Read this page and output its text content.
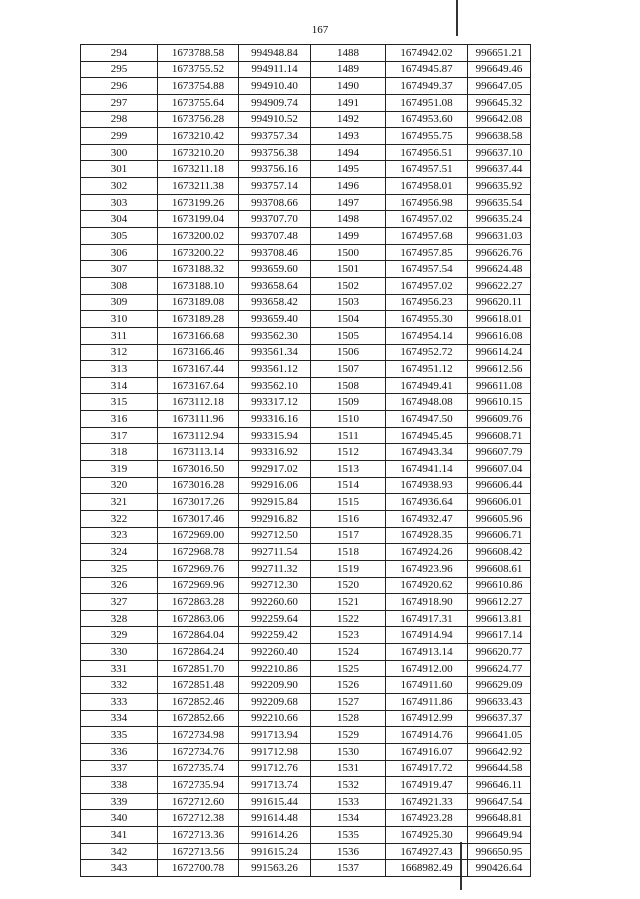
167
294	1673788.58	994948.84	1488	1674942.02	996651.21
295	1673755.52	994911.14	1489	1674945.87	996649.46
296	1673754.88	994910.40	1490	1674949.37	996647.05
297	1673755.64	994909.74	1491	1674951.08	996645.32
298	1673756.28	994910.52	1492	1674953.60	996642.08
299	1673210.42	993757.34	1493	1674955.75	996638.58
300	1673210.20	993756.38	1494	1674956.51	996637.10
301	1673211.18	993756.16	1495	1674957.51	996637.44
302	1673211.38	993757.14	1496	1674958.01	996635.92
303	1673199.26	993708.66	1497	1674956.98	996635.54
304	1673199.04	993707.70	1498	1674957.02	996635.24
305	1673200.02	993707.48	1499	1674957.68	996631.03
306	1673200.22	993708.46	1500	1674957.85	996626.76
307	1673188.32	993659.60	1501	1674957.54	996624.48
308	1673188.10	993658.64	1502	1674957.02	996622.27
309	1673189.08	993658.42	1503	1674956.23	996620.11
310	1673189.28	993659.40	1504	1674955.30	996618.01
311	1673166.68	993562.30	1505	1674954.14	996616.08
312	1673166.46	993561.34	1506	1674952.72	996614.24
313	1673167.44	993561.12	1507	1674951.12	996612.56
314	1673167.64	993562.10	1508	1674949.41	996611.08
315	1673112.18	993317.12	1509	1674948.08	996610.15
316	1673111.96	993316.16	1510	1674947.50	996609.76
317	1673112.94	993315.94	1511	1674945.45	996608.71
318	1673113.14	993316.92	1512	1674943.34	996607.79
319	1673016.50	992917.02	1513	1674941.14	996607.04
320	1673016.28	992916.06	1514	1674938.93	996606.44
321	1673017.26	992915.84	1515	1674936.64	996606.01
322	1673017.46	992916.82	1516	1674932.47	996605.96
323	1672969.00	992712.50	1517	1674928.35	996606.71
324	1672968.78	992711.54	1518	1674924.26	996608.42
325	1672969.76	992711.32	1519	1674923.96	996608.61
326	1672969.96	992712.30	1520	1674920.62	996610.86
327	1672863.28	992260.60	1521	1674918.90	996612.27
328	1672863.06	992259.64	1522	1674917.31	996613.81
329	1672864.04	992259.42	1523	1674914.94	996617.14
330	1672864.24	992260.40	1524	1674913.14	996620.77
331	1672851.70	992210.86	1525	1674912.00	996624.77
332	1672851.48	992209.90	1526	1674911.60	996629.09
333	1672852.46	992209.68	1527	1674911.86	996633.43
334	1672852.66	992210.66	1528	1674912.99	996637.37
335	1672734.98	991713.94	1529	1674914.76	996641.05
336	1672734.76	991712.98	1530	1674916.07	996642.92
337	1672735.74	991712.76	1531	1674917.72	996644.58
338	1672735.94	991713.74	1532	1674919.47	996646.11
339	1672712.60	991615.44	1533	1674921.33	996647.54
340	1672712.38	991614.48	1534	1674923.28	996648.81
341	1672713.36	991614.26	1535	1674925.30	996649.94
342	1672713.56	991615.24	1536	1674927.43	996650.95
343	1672700.78	991563.26	1537	1668982.49	990426.64
